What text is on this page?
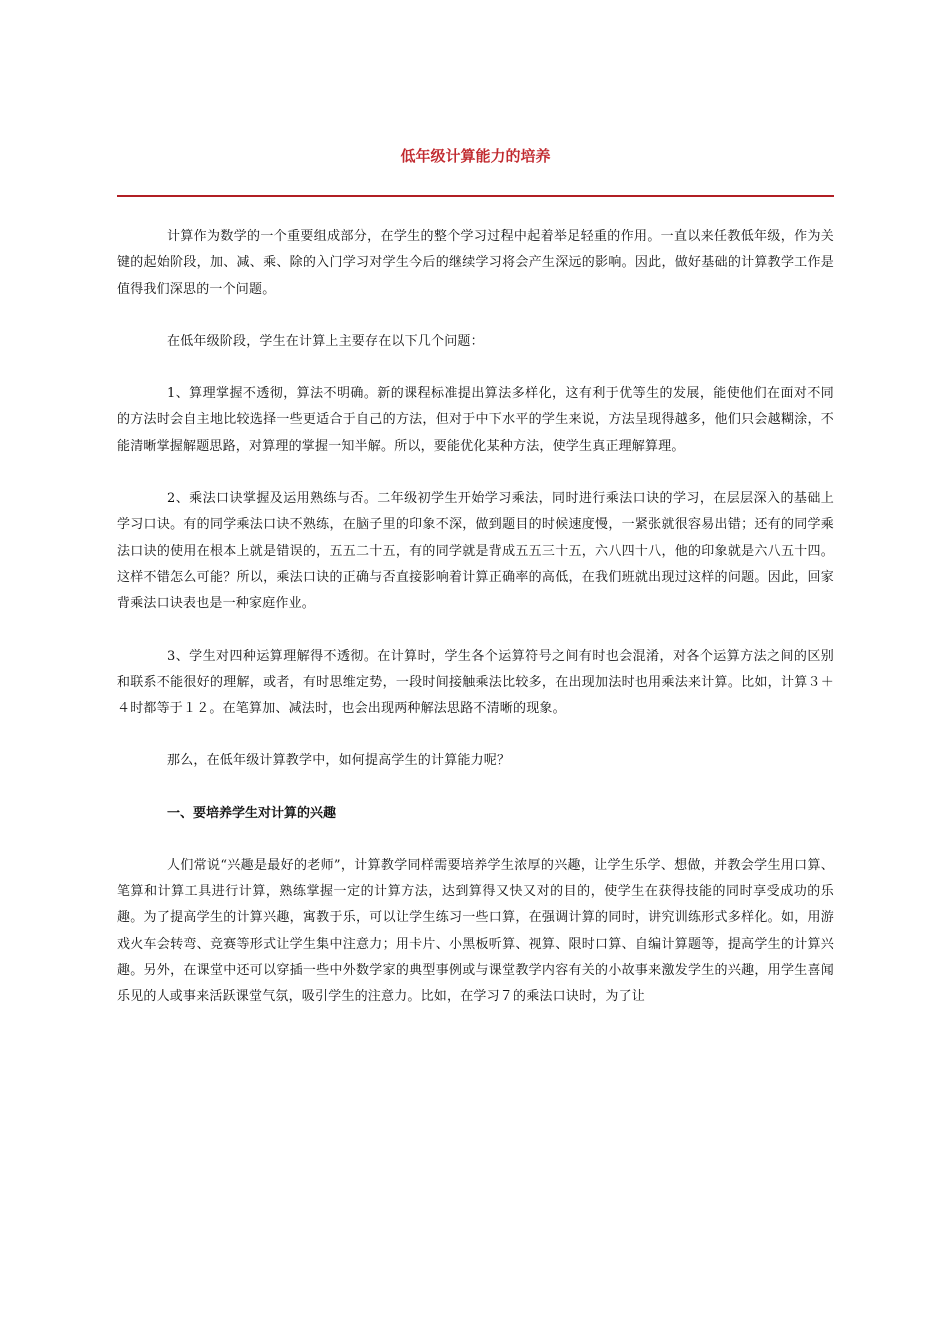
低年级计算能力的培养

计算作为数学的一个重要组成部分，在学生的整个学习过程中起着举足轻重的作用。一直以来任教低年级，作为关键的起始阶段，加、减、乘、除的入门学习对学生今后的继续学习将会产生深远的影响。因此，做好基础的计算教学工作是值得我们深思的一个问题。

在低年级阶段，学生在计算上主要存在以下几个问题：

1、算理掌握不透彻，算法不明确。新的课程标准提出算法多样化，这有利于优等生的发展，能使他们在面对不同的方法时会自主地比较选择一些更适合于自己的方法，但对于中下水平的学生来说，方法呈现得越多，他们只会越糊涂，不能清晰掌握解题思路，对算理的掌握一知半解。所以，要能优化某种方法，使学生真正理解算理。

2、乘法口诀掌握及运用熟练与否。二年级初学生开始学习乘法，同时进行乘法口诀的学习，在层层深入的基础上学习口诀。有的同学乘法口诀不熟练，在脑子里的印象不深，做到题目的时候速度慢，一紧张就很容易出错；还有的同学乘法口诀的使用在根本上就是错误的，五五二十五，有的同学就是背成五五三十五，六八四十八，他的印象就是六八五十四。这样不错怎么可能？所以，乘法口诀的正确与否直接影响着计算正确率的高低，在我们班就出现过这样的问题。因此，回家背乘法口诀表也是一种家庭作业。

3、学生对四种运算理解得不透彻。在计算时，学生各个运算符号之间有时也会混淆，对各个运算方法之间的区别和联系不能很好的理解，或者，有时思维定势，一段时间接触乘法比较多，在出现加法时也用乘法来计算。比如，计算３＋４时都等于１２。在笔算加、减法时，也会出现两种解法思路不清晰的现象。

那么，在低年级计算教学中，如何提高学生的计算能力呢？

一、要培养学生对计算的兴趣

人们常说“兴趣是最好的老师”，计算教学同样需要培养学生浓厚的兴趣，让学生乐学、想做，并教会学生用口算、笔算和计算工具进行计算，熟练掌握一定的计算方法，达到算得又快又对的目的，使学生在获得技能的同时享受成功的乐趣。为了提高学生的计算兴趣，寓教于乐，可以让学生练习一些口算，在强调计算的同时，讲究训练形式多样化。如，用游戏火车会转弯、竞赛等形式让学生集中注意力；用卡片、小黑板听算、视算、限时口算、自编计算题等，提高学生的计算兴趣。另外，在课堂中还可以穿插一些中外数学家的典型事例或与课堂教学内容有关的小故事来激发学生的兴趣，用学生喜闻乐见的人或事来活跃课堂气氛，吸引学生的注意力。比如，在学习７的乘法口诀时，为了让
